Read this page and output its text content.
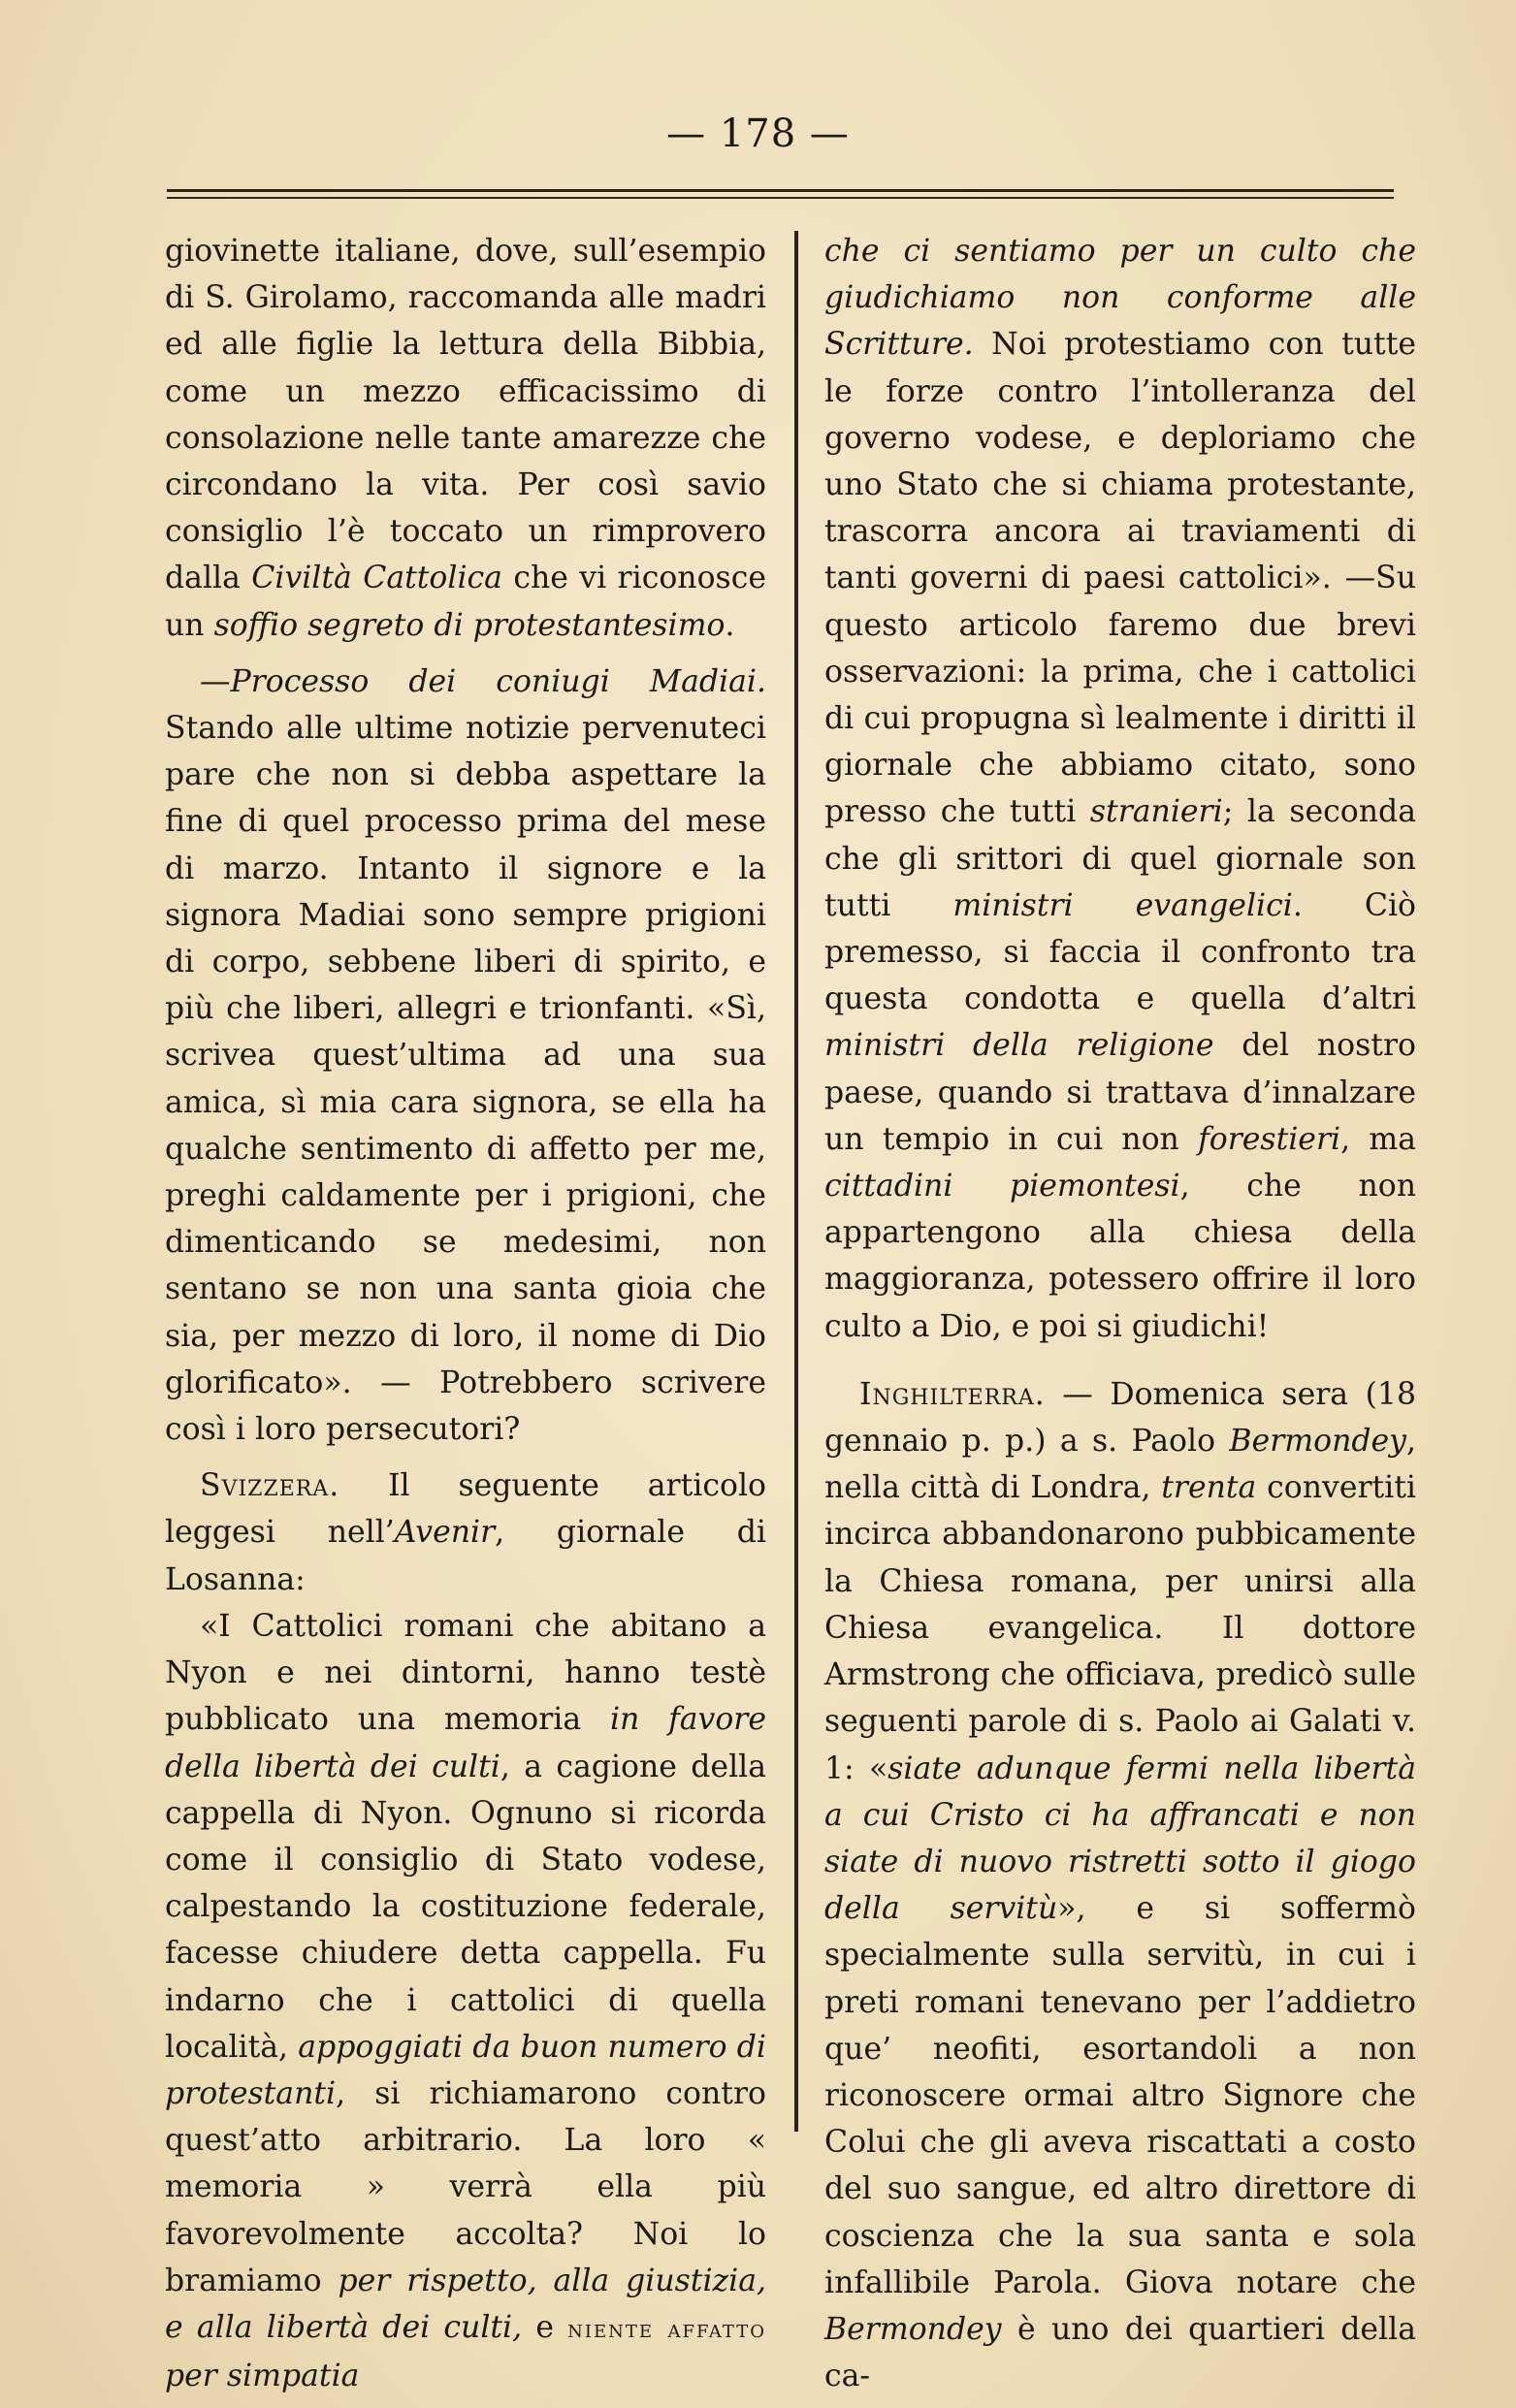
— 178 —

giovinette italiane, dove, sull’esempio di S. Girolamo, raccomanda alle madri ed alle figlie la lettura della Bibbia, come un mezzo efficacissimo di consolazione nelle tante amarezze che circondano la vita. Per così savio consiglio l’è toccato un rimprovero dalla Civiltà Cattolica che vi riconosce un soffio segreto di protestantesimo.

—Processo dei coniugi Madiai. Stando alle ultime notizie pervenuteci pare che non si debba aspettare la fine di quel processo prima del mese di marzo. Intanto il signore e la signora Madiai sono sempre prigioni di corpo, sebbene liberi di spirito, e più che liberi, allegri e trionfanti. «Sì, scrivea quest’ultima ad una sua amica, sì mia cara signora, se ella ha qualche sentimento di affetto per me, preghi caldamente per i prigioni, che dimenticando se medesimi, non sentano se non una santa gioia che sia, per mezzo di loro, il nome di Dio glorificato». — Potrebbero scrivere così i loro persecutori?

Svizzera. Il seguente articolo leggesi nell’Avenir, giornale di Losanna:

«I Cattolici romani che abitano a Nyon e nei dintorni, hanno testè pubblicato una memoria in favore della libertà dei culti, a cagione della cappella di Nyon. Ognuno si ricorda come il consiglio di Stato vodese, calpestando la costituzione federale, facesse chiudere detta cappella. Fu indarno che i cattolici di quella località, appoggiati da buon numero di protestanti, si richiamarono contro quest’atto arbitrario. La loro « memoria » verrà ella più favorevolmente accolta? Noi lo bramiamo per rispetto, alla giustizia, e alla libertà dei culti, e niente affatto per simpatia

che ci sentiamo per un culto che giudichiamo non conforme alle Scritture. Noi protestiamo con tutte le forze contro l’intolleranza del governo vodese, e deploriamo che uno Stato che si chiama protestante, trascorra ancora ai traviamenti di tanti governi di paesi cattolici». —Su questo articolo faremo due brevi osservazioni: la prima, che i cattolici di cui propugna sì lealmente i diritti il giornale che abbiamo citato, sono presso che tutti stranieri; la seconda che gli srittori di quel giornale son tutti ministri evangelici. Ciò premesso, si faccia il confronto tra questa condotta e quella d’altri ministri della religione del nostro paese, quando si trattava d’innalzare un tempio in cui non forestieri, ma cittadini piemontesi, che non appartengono alla chiesa della maggioranza, potessero offrire il loro culto a Dio, e poi si giudichi!

Inghilterra. — Domenica sera (18 gennaio p. p.) a s. Paolo Bermondey, nella città di Londra, trenta convertiti incirca abbandonarono pubbicamente la Chiesa romana, per unirsi alla Chiesa evangelica. Il dottore Armstrong che officiava, predicò sulle seguenti parole di s. Paolo ai Galati v. 1: «siate adunque fermi nella libertà a cui Cristo ci ha affrancati e non siate di nuovo ristretti sotto il giogo della servitù», e si soffermò specialmente sulla servitù, in cui i preti romani tenevano per l’addietro que’ neofiti, esortandoli a non riconoscere ormai altro Signore che Colui che gli aveva riscattati a costo del suo sangue, ed altro direttore di coscienza che la sua santa e sola infallibile Parola. Giova notare che Bermondey è uno dei quartieri della ca-
